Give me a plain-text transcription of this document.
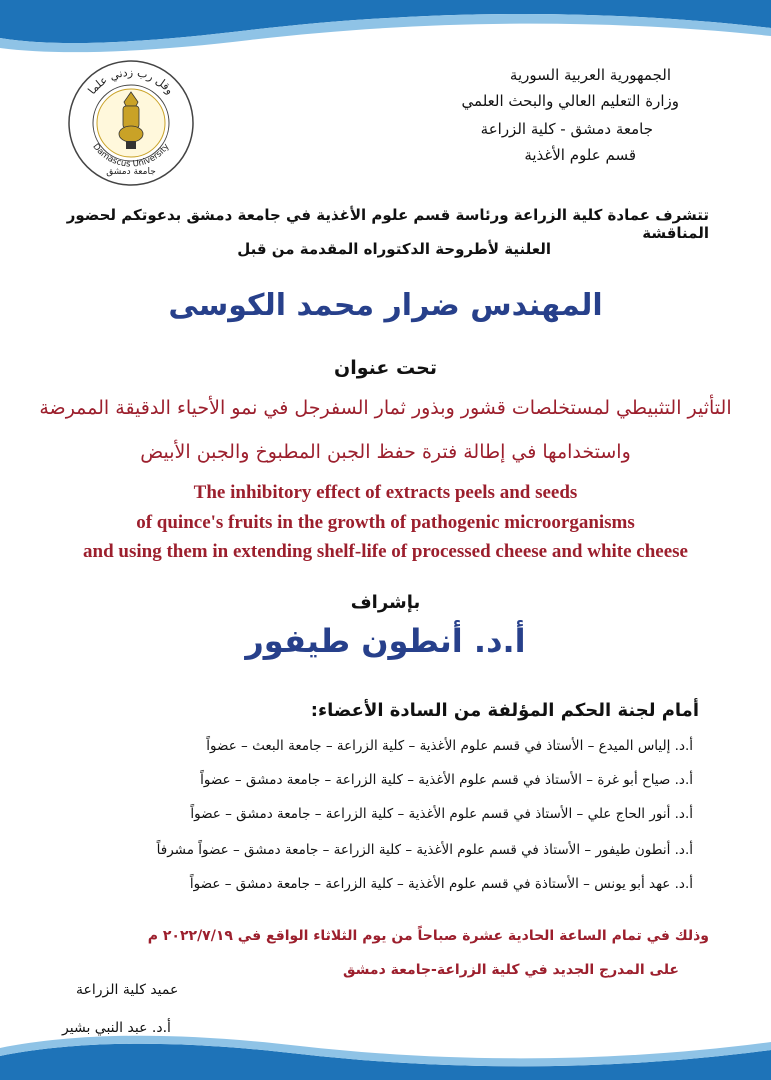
الجمهورية العربية السورية
وزارة التعليم العالي والبحث العلمي
جامعة دمشق - كلية الزراعة
قسم علوم الأغذية
وقل رب زدني علما
Damascus University
جامعة دمشق
تتشرف عمادة كلية الزراعة ورئاسة قسم علوم الأغذية في جامعة دمشق بدعوتكم لحضور المناقشة
العلنية لأطروحة الدكتوراه المقدمة من قبل
المهندس ضرار محمد الكوسى
تحت عنوان
التأثير التثبيطي لمستخلصات قشور وبذور ثمار السفرجل في نمو الأحياء الدقيقة الممرضة
واستخدامها في إطالة فترة حفظ الجبن المطبوخ والجبن الأبيض
The inhibitory effect of extracts peels and seeds
of quince's fruits in the growth of pathogenic microorganisms
and using them in extending shelf-life of processed cheese and white cheese
بإشراف
أ.د. أنطون طيفور
أمام لجنة الحكم المؤلفة من السادة الأعضاء:
أ.د. إلياس الميدع – الأستاذ في قسم علوم الأغذية – كلية الزراعة – جامعة البعث – عضواً
أ.د. صياح أبو غرة – الأستاذ في قسم علوم الأغذية – كلية الزراعة – جامعة دمشق – عضواً
أ.د. أنور الحاج علي – الأستاذ في قسم علوم الأغذية – كلية الزراعة – جامعة دمشق – عضواً
أ.د. أنطون طيفور – الأستاذ في قسم علوم الأغذية – كلية الزراعة – جامعة دمشق – عضواً مشرفاً
أ.د. عهد أبو يونس – الأستاذة في قسم علوم الأغذية – كلية الزراعة – جامعة دمشق – عضواً
وذلك في تمام الساعة الحادية عشرة صباحاً من يوم الثلاثاء الواقع في ٢٠٢٢/٧/١٩ م
على المدرج الجديد في كلية الزراعة-جامعة دمشق
عميد كلية الزراعة
أ.د. عبد النبي بشير
